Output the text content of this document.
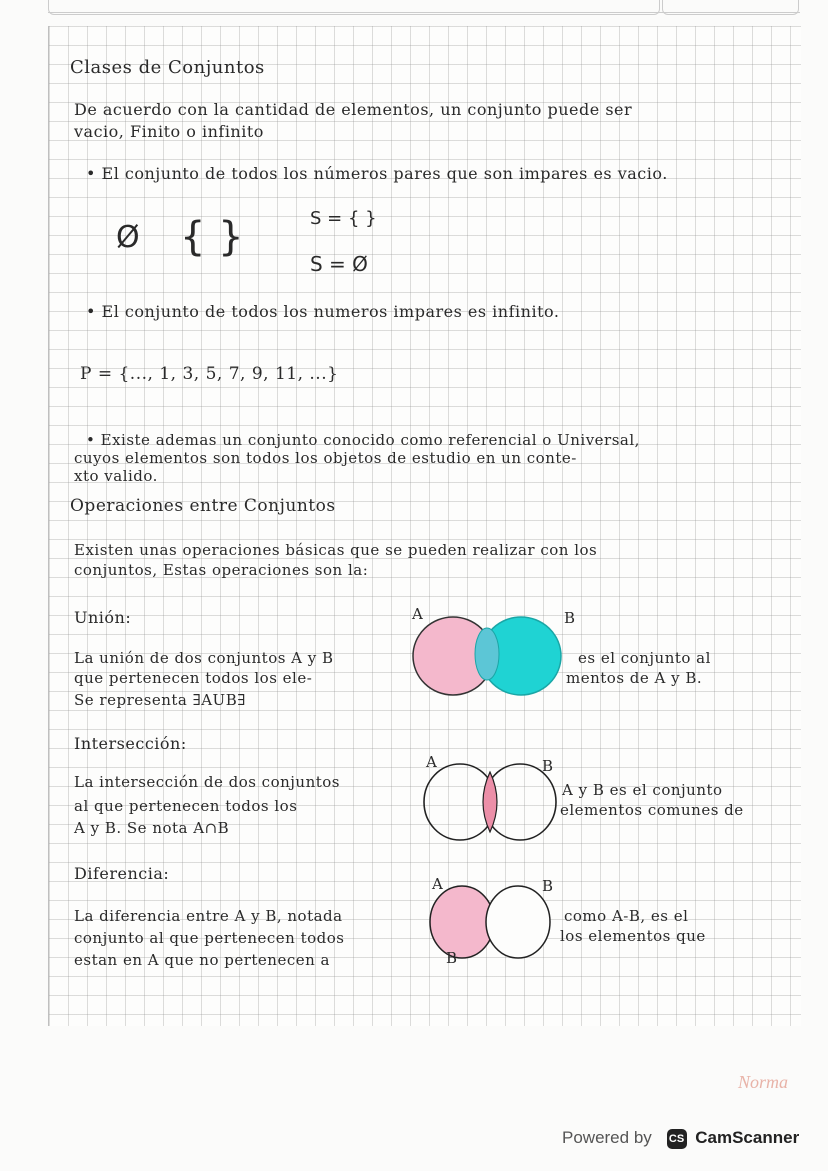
Clases de Conjuntos
De acuerdo con la cantidad de elementos, un conjunto puede ser
vacio, Finito o infinito
• El conjunto de todos los números pares que son impares es vacio.
Ø { }	S = { }
S = Ø
• El conjunto de todos los numeros impares es infinito.
P = {..., 1, 3, 5, 7, 9, 11, ...}
• Existe ademas un conjunto conocido como referencial o Universal,
cuyos elementos son todos los objetos de estudio en un conte-
xto valido.
Operaciones entre Conjuntos
Existen unas operaciones básicas que se pueden realizar con los
conjuntos, Estas operaciones son la:
Unión:	A	B
La unión de dos conjuntos A y B
que pertenecen todos los ele-
Se representa ∃AUB∃
es el conjunto al
mentos de A y B.
Intersección:
A	B
La intersección de dos conjuntos
al que pertenecen todos los
A y B. Se nota A∩B
A y B es el conjunto
elementos comunes de
Diferencia:
A	B
La diferencia entre A y B, notada
conjunto al que pertenecen todos
estan en A que no pertenecen a	B
como A-B, es el
los elementos que
Norma
Powered by CS CamScanner
